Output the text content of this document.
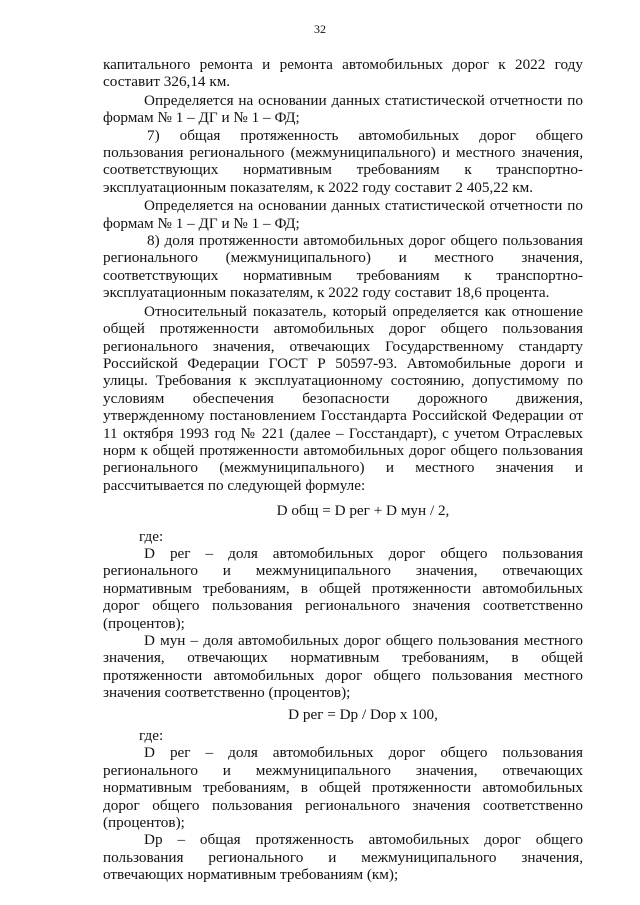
32

капитального ремонта и ремонта автомобильных дорог к 2022 году составит 326,14 км.

Определяется на основании данных статистической отчетности по формам № 1 – ДГ и № 1 – ФД;

7) общая протяженность автомобильных дорог общего пользования регионального (межмуниципального) и местного значения, соответствующих нормативным требованиям к транспортно-эксплуатационным показателям, к 2022 году составит 2 405,22 км.

Определяется на основании данных статистической отчетности по формам № 1 – ДГ и № 1 – ФД;

8) доля протяженности автомобильных дорог общего пользования регионального (межмуниципального) и местного значения, соответствующих нормативным требованиям к транспортно-эксплуатационным показателям, к 2022 году составит 18,6 процента.

Относительный показатель, который определяется как отношение общей протяженности автомобильных дорог общего пользования регионального значения, отвечающих Государственному стандарту Российской Федерации ГОСТ Р 50597-93. Автомобильные дороги и улицы. Требования к эксплуатационному состоянию, допустимому по условиям обеспечения безопасности дорожного движения, утвержденному постановлением Госстандарта Российской Федерации от 11 октября 1993 год № 221 (далее – Госстандарт), с учетом Отраслевых норм к общей протяженности автомобильных дорог общего пользования регионального (межмуниципального) и местного значения и рассчитывается по следующей формуле:

D общ = D рег + D мун / 2,

где:

D рег – доля автомобильных дорог общего пользования регионального и межмуниципального значения, отвечающих нормативным требованиям, в общей протяженности автомобильных дорог общего пользования регионального значения соответственно (процентов);

D мун – доля автомобильных дорог общего пользования местного значения, отвечающих нормативным требованиям, в общей протяженности автомобильных дорог общего пользования местного значения соответственно (процентов);

D рег = Dр / Dор х 100,

где:

D рег – доля автомобильных дорог общего пользования регионального и межмуниципального значения, отвечающих нормативным требованиям, в общей протяженности автомобильных дорог общего пользования регионального значения соответственно (процентов);

Dр – общая протяженность автомобильных дорог общего пользования регионального и межмуниципального значения, отвечающих нормативным требованиям (км);
